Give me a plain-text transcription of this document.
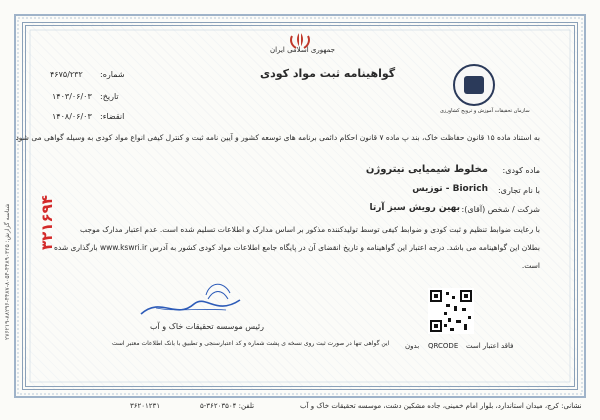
جمهوری اسلامی ایران
گواهینامه ثبت مواد کودی
سازمان تحقیقات آموزش و ترویج کشاورزی
شماره:
۴۶۷۵/۲۳۲
تاریخ:
۱۴۰۳/۰۶/۰۳
انقضاء:
۱۴۰۸/۰۶/۰۳
به استناد ماده ۱۵ قانون حفاظت خاک، بند پ ماده ۷ قانون احکام دائمی برنامه های توسعه کشور و آیین نامه ثبت و کنترل کیفی انواع مواد کودی به وسیله گواهی می شود
ماده کودی:
مخلوط شیمیایی نیتروژن
با نام تجاری:
Biorich - توزیس
شرکت / شخص (آقای):
بهین رویش سبز آرتا
با رعایت ضوابط تنظیم و ثبت کودی و ضوابط کیفی توسط تولیدکننده مذکور بر اساس مدارک و اطلاعات تسلیم شده است. عدم اعتبار مدارک موجب
بطلان این گواهینامه می باشد. درجه اعتبار این گواهینامه و تاریخ انقضای آن در پایگاه جامع اطلاعات مواد کودی کشور به آدرس www.kswri.ir بارگذاری شده
است.
۳۲۱۶۹۴
شناسه گزارش: ۴۴۸۹۰۳۲۵-۸۰۵۴-۴۴۸۷-۸۸۲۹۶-۲۷۶۲۱۹
رئیس موسسه تحقیقات خاک و آب
این گواهی تنها در صورت ثبت روی نسخه ی پشت شماره و کد اعتبارسنجی و تطبیق با بانک اطلاعات معتبر است بدون QRCODE فاقد اعتبار است
تلفن: ۳۶۲۰۳۵۰۴-۵
۳۶۲۰۱۲۳۱	نشانی: کرج، میدان استاندارد، بلوار امام خمینی، جاده مشکین دشت، موسسه تحقیقات خاک و آب
